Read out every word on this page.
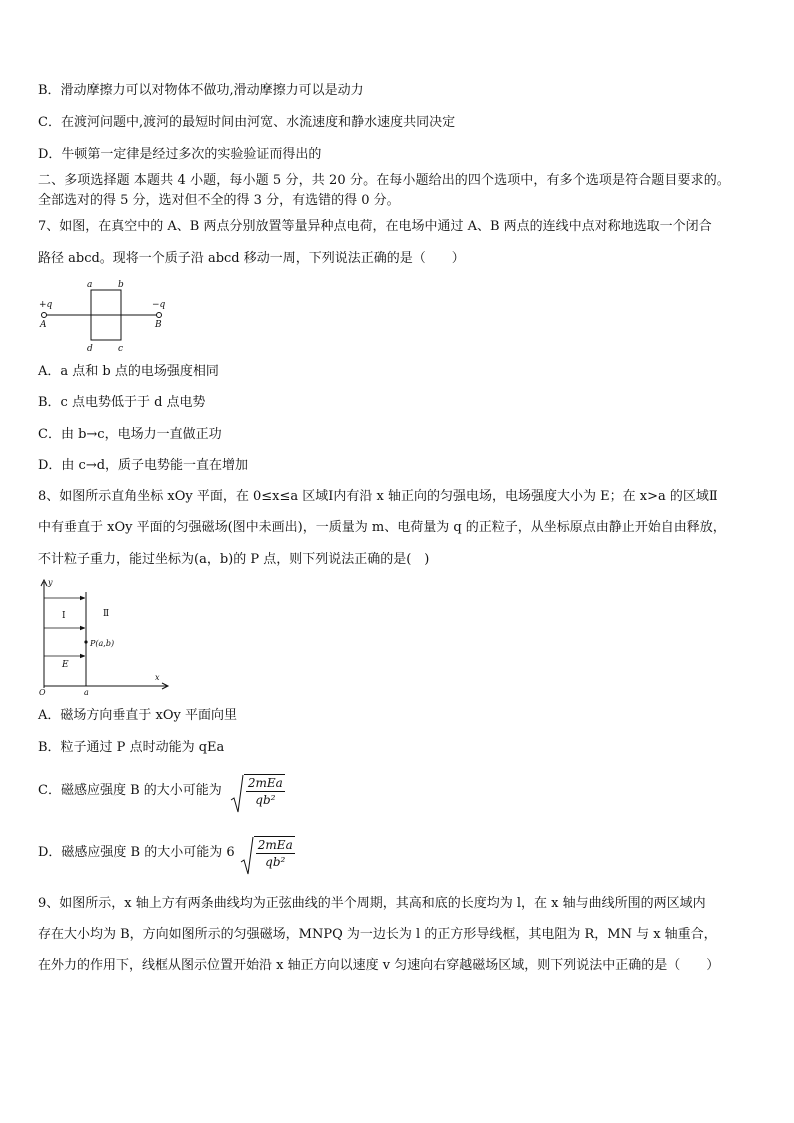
B．滑动摩擦力可以对物体不做功,滑动摩擦力可以是动力
C．在渡河问题中,渡河的最短时间由河宽、水流速度和静水速度共同决定
D．牛顿第一定律是经过多次的实验验证而得出的
二、多项选择题 本题共 4 小题，每小题 5 分，共 20 分。在每小题给出的四个选项中，有多个选项是符合题目要求的。
全部选对的得 5 分，选对但不全的得 3 分，有选错的得 0 分。
7、如图，在真空中的 A、B 两点分别放置等量异种点电荷，在电场中通过 A、B 两点的连线中点对称地选取一个闭合
路径 abcd。现将一个质子沿 abcd 移动一周，下列说法正确的是（　　）
+q	−q
A	B
a	b
d	c
A．a 点和 b 点的电场强度相同
B．c 点电势低于于 d 点电势
C．由 b→c，电场力一直做正功
D．由 c→d，质子电势能一直在增加
8、如图所示直角坐标 xOy 平面，在 0≤x≤a 区域Ⅰ内有沿 x 轴正向的匀强电场，电场强度大小为 E；在 x>a 的区域Ⅱ
中有垂直于 xOy 平面的匀强磁场(图中未画出)，一质量为 m、电荷量为 q 的正粒子，从坐标原点由静止开始自由释放，
不计粒子重力，能过坐标为(a，b)的 P 点，则下列说法正确的是(　)
y
x
Ⅰ	Ⅱ
E
P(a,b)
O	a
A．磁场方向垂直于 xOy 平面向里
B．粒子通过 P 点时动能为 qEa
C．磁感应强度 B 的大小可能为 $\frac{\text{2mEa}}{\text{qb²}}$
D．磁感应强度 B 的大小可能为 $6 \frac{\text{2mEa}}{\text{qb²}}$
9、如图所示，x 轴上方有两条曲线均为正弦曲线的半个周期，其高和底的长度均为 l，在 x 轴与曲线所围的两区域内
存在大小均为 B，方向如图所示的匀强磁场，MNPQ 为一边长为 l 的正方形导线框，其电阻为 R，MN 与 x 轴重合，
在外力的作用下，线框从图示位置开始沿 x 轴正方向以速度 v 匀速向右穿越磁场区域，则下列说法中正确的是（　　）
